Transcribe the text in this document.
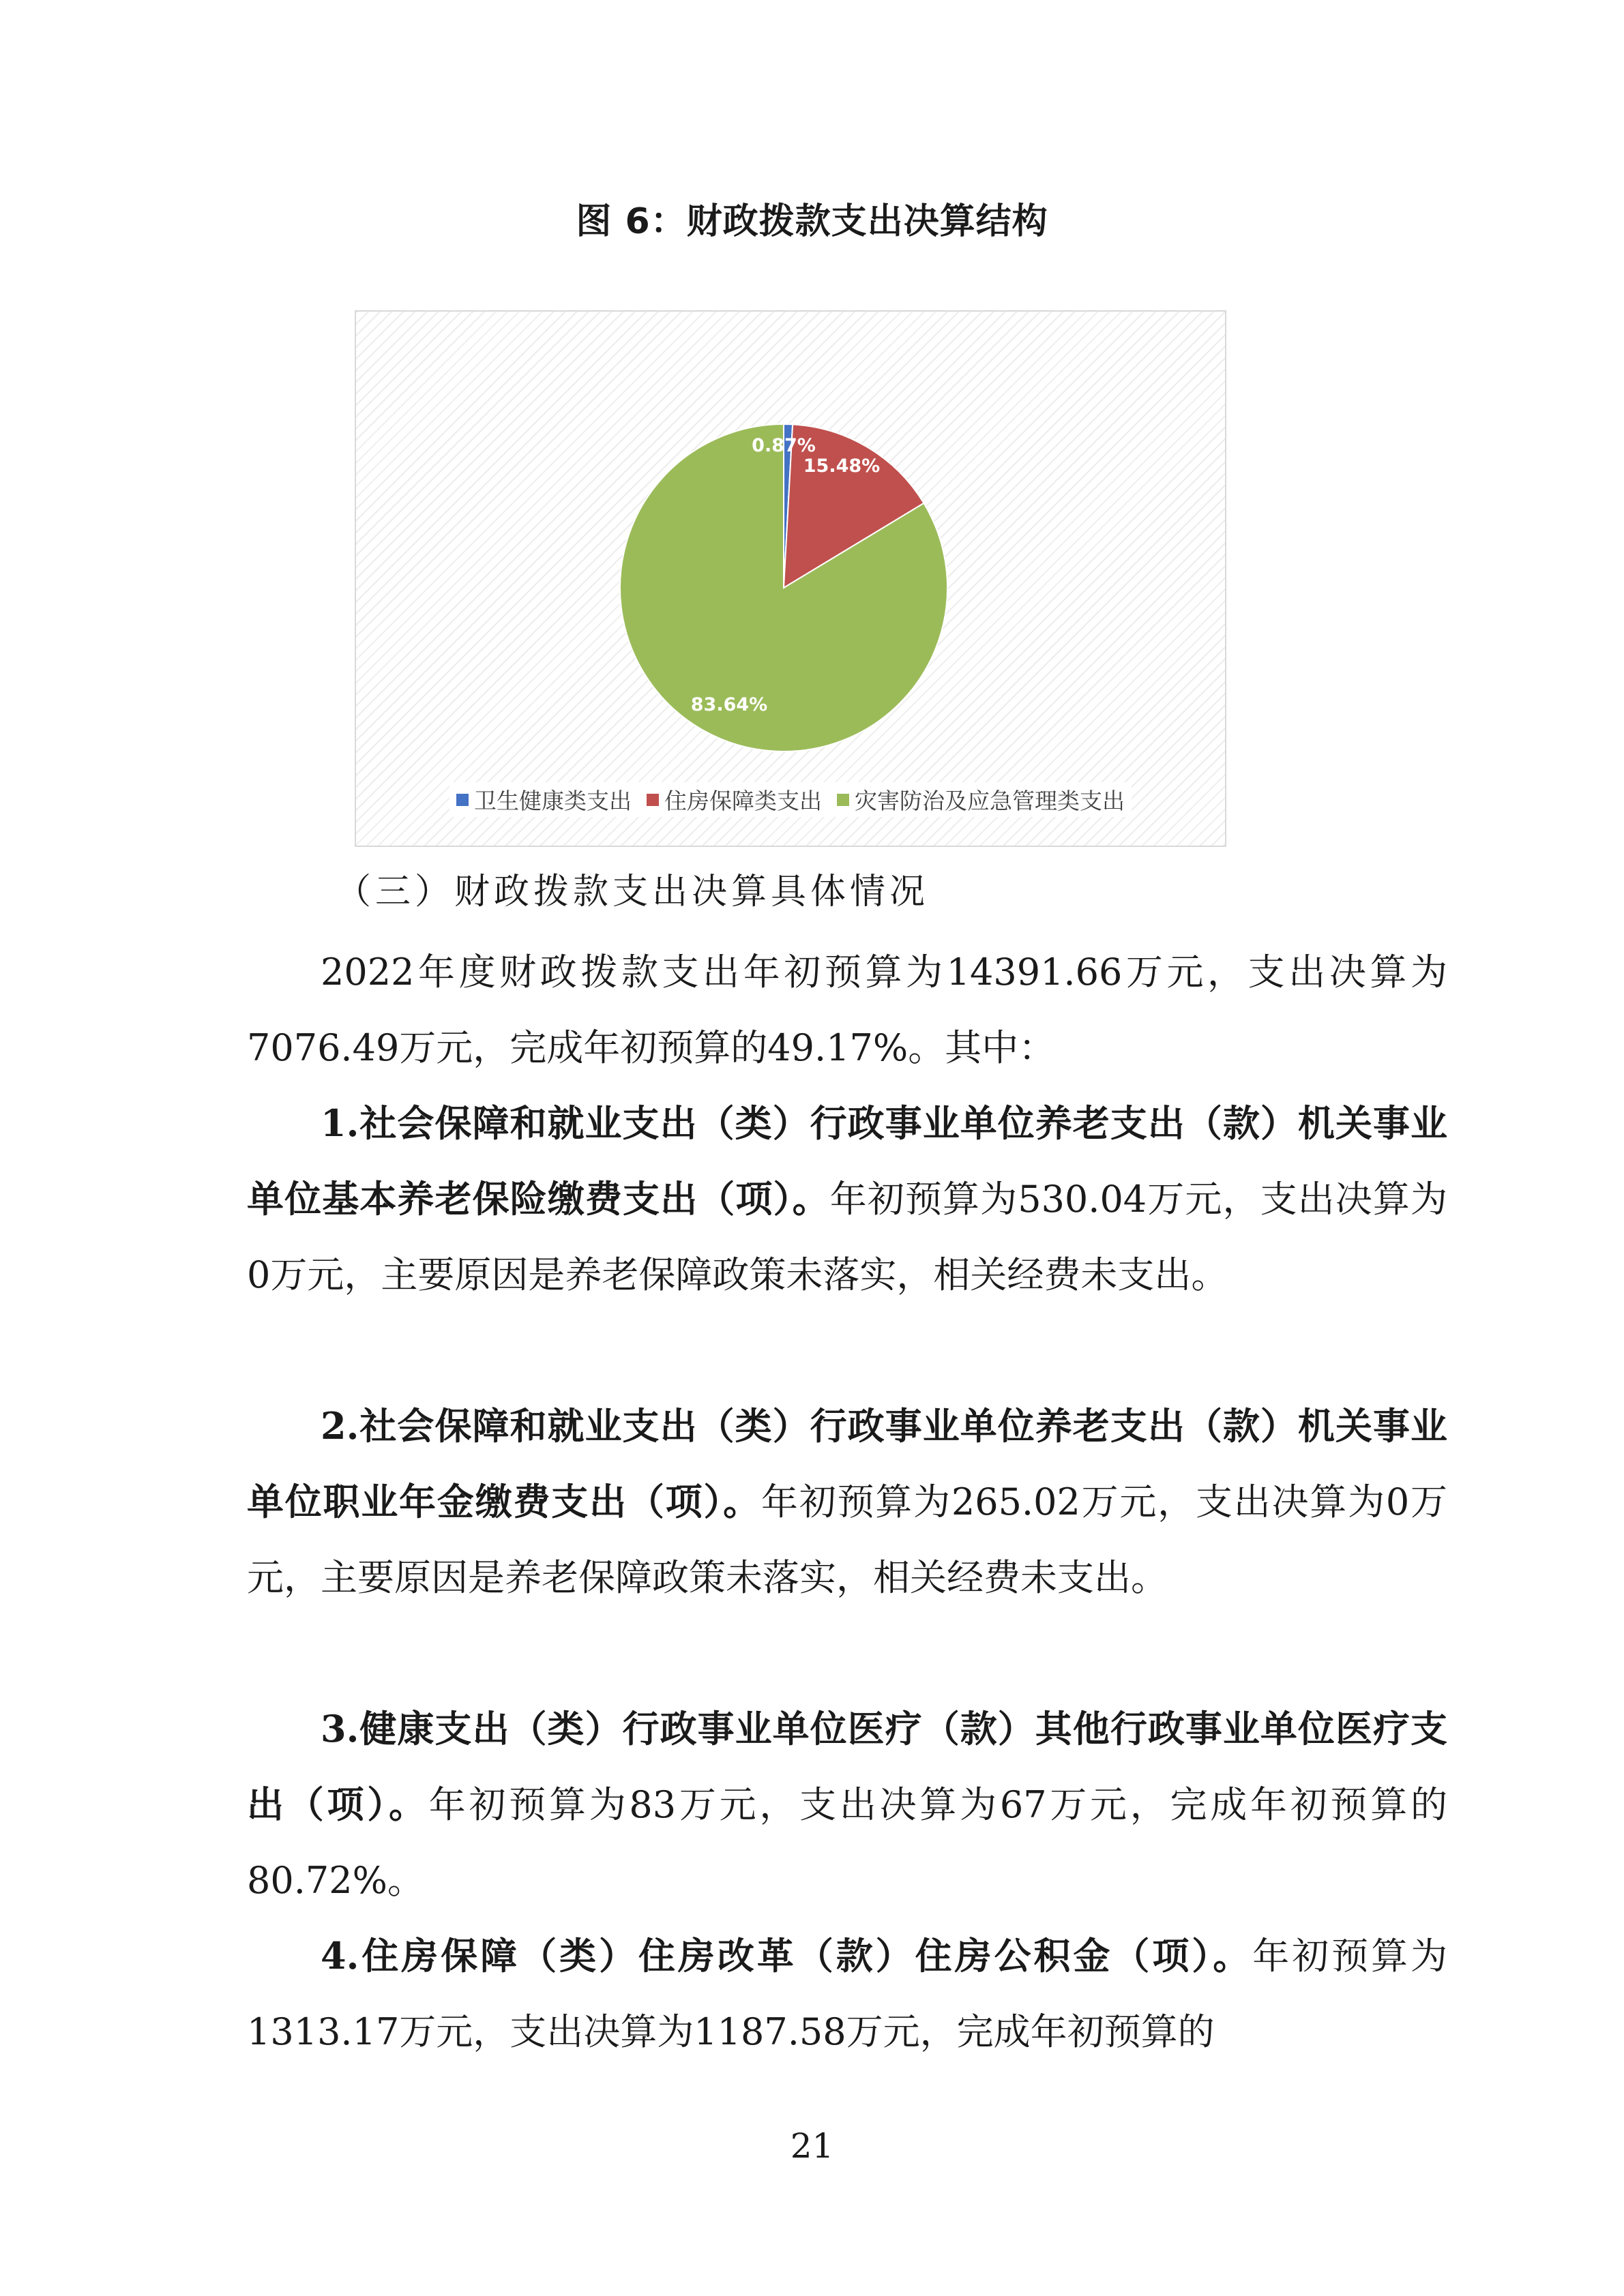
图 6：财政拨款支出决算结构
0.87%
15.48%
83.64%
卫生健康类支出 住房保障类支出 灾害防治及应急管理类支出
（三）财政拨款支出决算具体情况

2022年度财政拨款支出年初预算为14391.66万元，支出决算为7076.49万元，完成年初预算的49.17%。其中：

1.社会保障和就业支出（类）行政事业单位养老支出（款）机关事业单位基本养老保险缴费支出（项）。年初预算为530.04万元，支出决算为0万元，主要原因是养老保障政策未落实，相关经费未支出。

2.社会保障和就业支出（类）行政事业单位养老支出（款）机关事业单位职业年金缴费支出（项）。年初预算为265.02万元，支出决算为0万元，主要原因是养老保障政策未落实，相关经费未支出。

3.健康支出（类）行政事业单位医疗（款）其他行政事业单位医疗支出（项）。年初预算为83万元，支出决算为67万元，完成年初预算的80.72%。

4.住房保障（类）住房改革（款）住房公积金（项）。年初预算为1313.17万元，支出决算为1187.58万元，完成年初预算的

21
